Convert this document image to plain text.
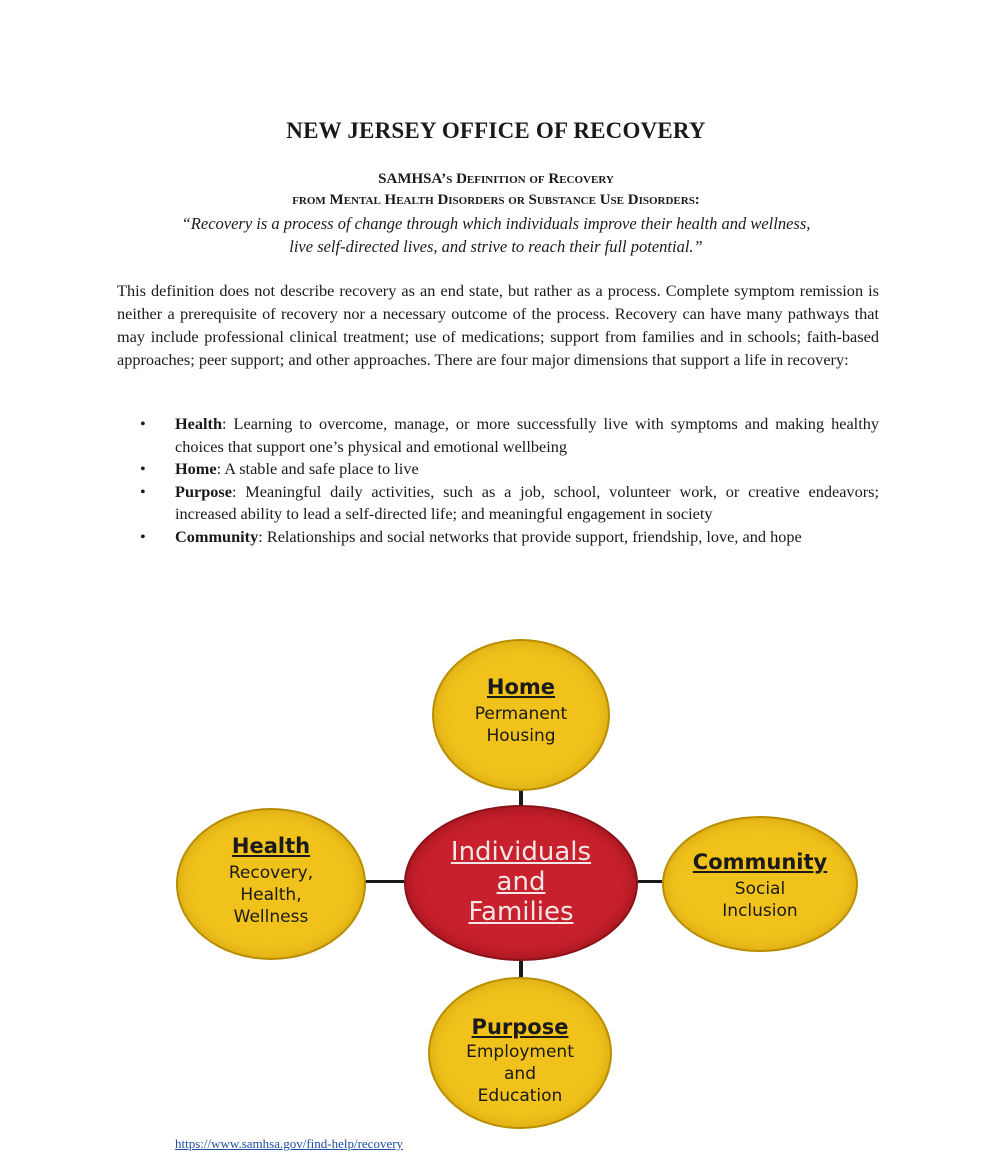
NEW JERSEY OFFICE OF RECOVERY
SAMHSA’s Definition of Recovery
from Mental Health Disorders or Substance Use Disorders:
“Recovery is a process of change through which individuals improve their health and wellness,
live self-directed lives, and strive to reach their full potential.”
This definition does not describe recovery as an end state, but rather as a process. Complete symptom remission is neither a prerequisite of recovery nor a necessary outcome of the process. Recovery can have many pathways that may include professional clinical treatment; use of medications; support from families and in schools; faith-based approaches; peer support; and other approaches. There are four major dimensions that support a life in recovery:
• Health: Learning to overcome, manage, or more successfully live with symptoms and making healthy choices that support one’s physical and emotional wellbeing
• Home: A stable and safe place to live
• Purpose: Meaningful daily activities, such as a job, school, volunteer work, or creative endeavors; increased ability to lead a self-directed life; and meaningful engagement in society
• Community: Relationships and social networks that provide support, friendship, love, and hope
Home
Permanent
Housing
Health
Recovery,
Health,
Wellness
Community
Social
Inclusion
Purpose
Employment
and
Education
Individuals
and
Families
https://www.samhsa.gov/find-help/recovery
